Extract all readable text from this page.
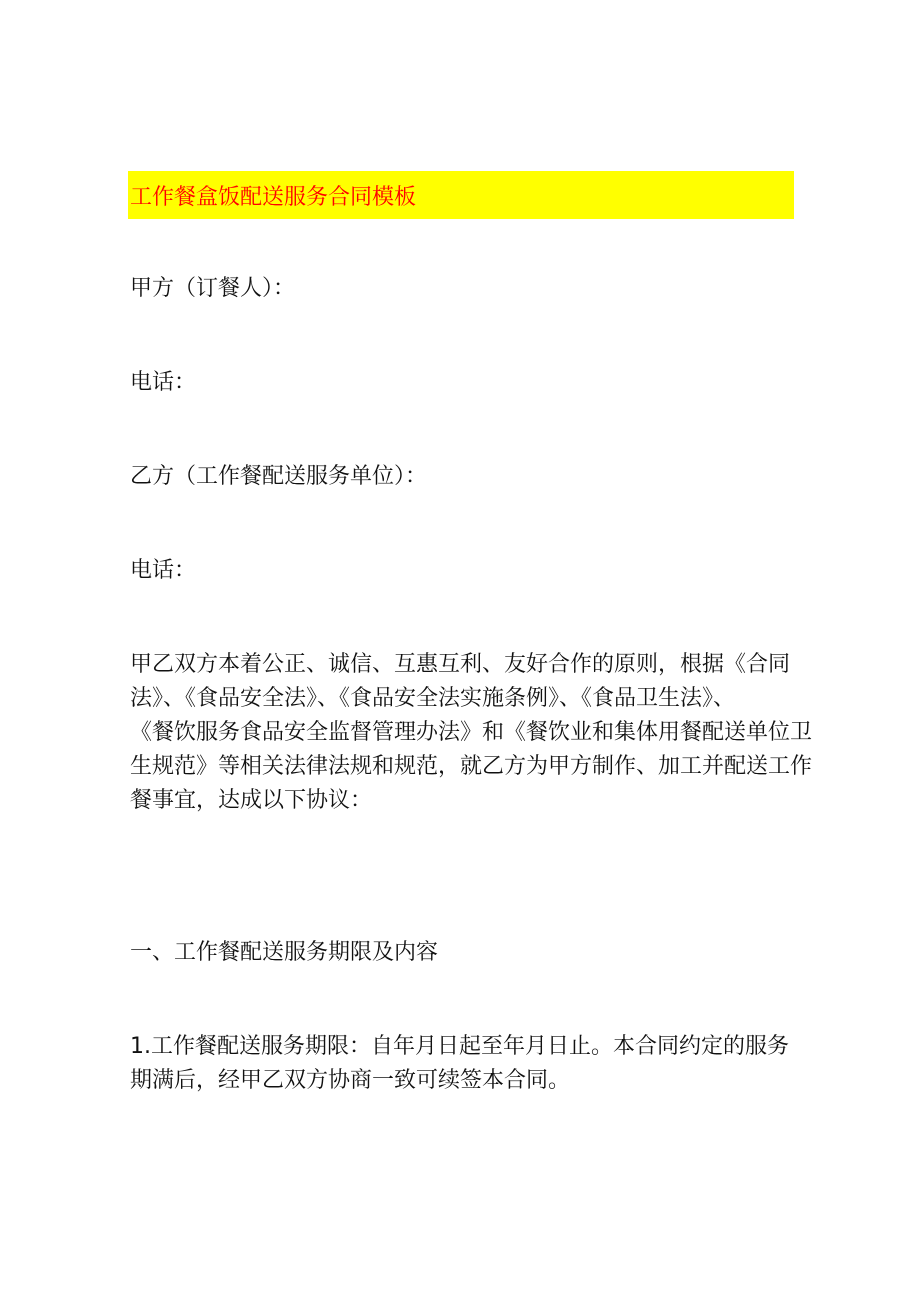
工作餐盒饭配送服务合同模板
甲方（订餐人）：
电话：
乙方（工作餐配送服务单位）：
电话：
甲乙双方本着公正、诚信、互惠互利、友好合作的原则，根据《合同
法》、《食品安全法》、《食品安全法实施条例》、《食品卫生法》、
《餐饮服务食品安全监督管理办法》和《餐饮业和集体用餐配送单位卫
生规范》等相关法律法规和规范，就乙方为甲方制作、加工并配送工作
餐事宜，达成以下协议：
一、工作餐配送服务期限及内容
1.工作餐配送服务期限：自年月日起至年月日止。本合同约定的服务
期满后，经甲乙双方协商一致可续签本合同。
